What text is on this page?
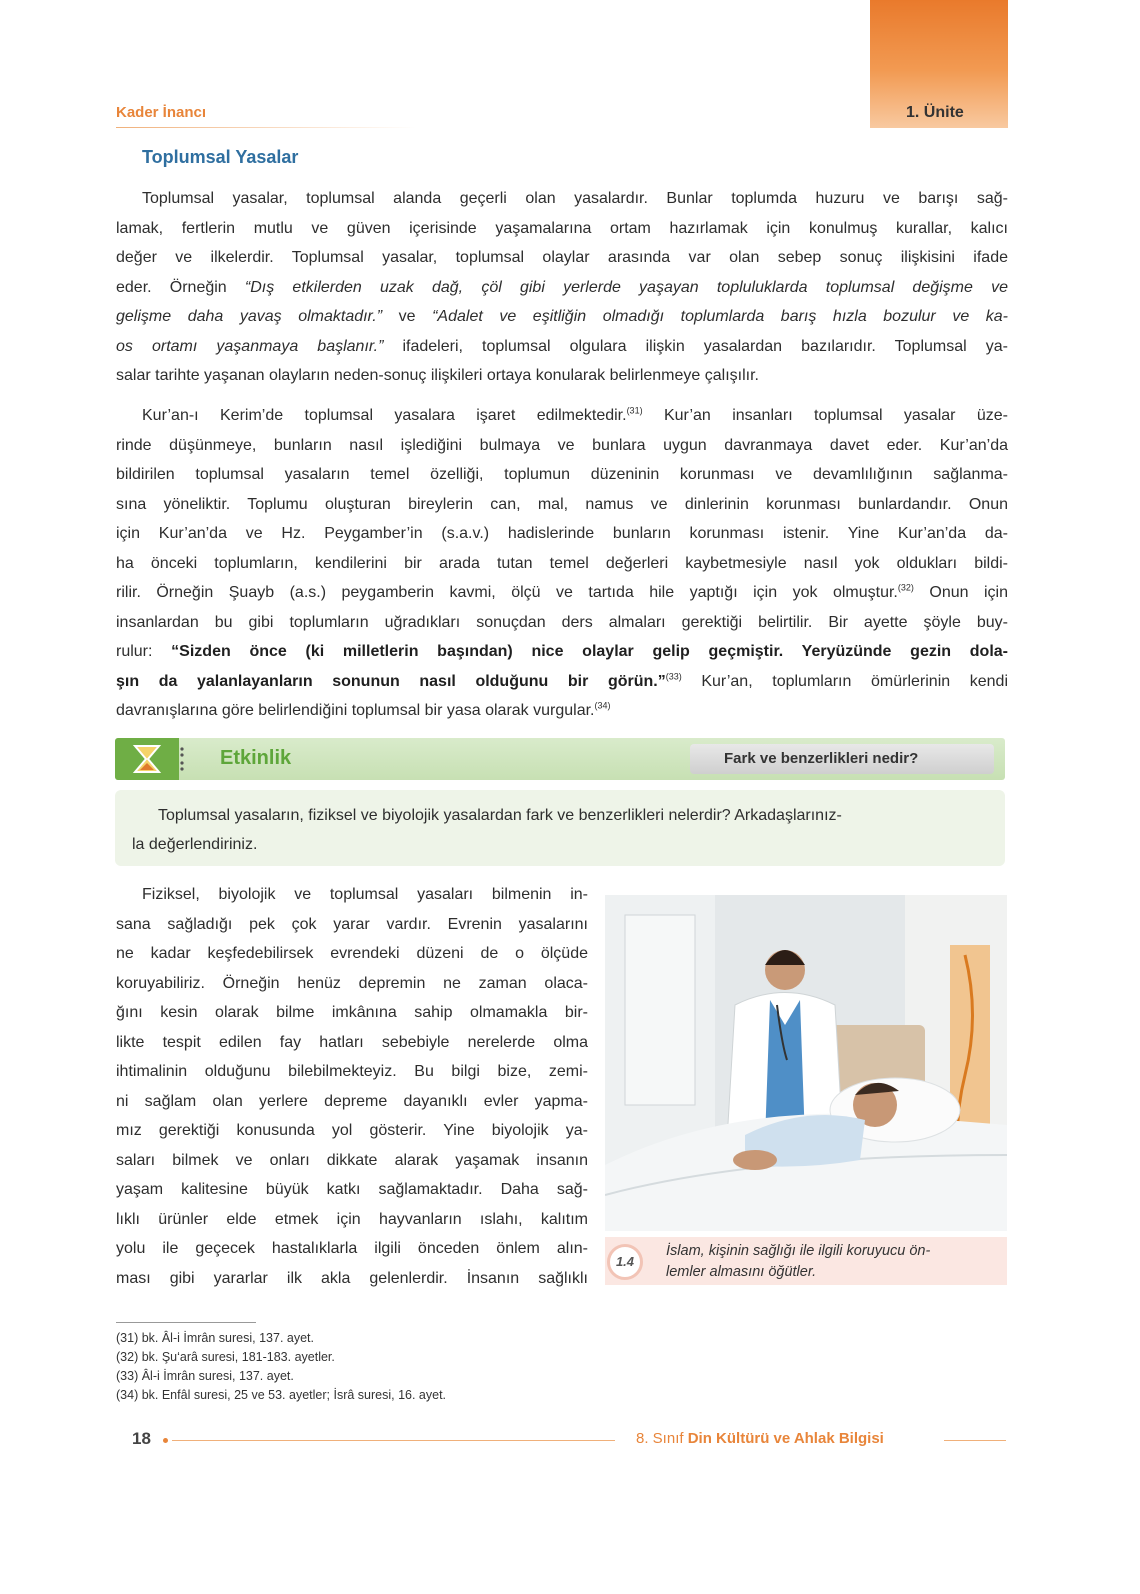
Kader İnancı	1. Ünite
Toplumsal Yasalar
Toplumsal yasalar, toplumsal alanda geçerli olan yasalardır. Bunlar toplumda huzuru ve barışı sağ-
lamak, fertlerin mutlu ve güven içerisinde yaşamalarına ortam hazırlamak için konulmuş kurallar, kalıcı
değer ve ilkelerdir. Toplumsal yasalar, toplumsal olaylar arasında var olan sebep sonuç ilişkisini ifade
eder. Örneğin “Dış etkilerden uzak dağ, çöl gibi yerlerde yaşayan topluluklarda toplumsal değişme ve
gelişme daha yavaş olmaktadır.” ve “Adalet ve eşitliğin olmadığı toplumlarda barış hızla bozulur ve ka-
os ortamı yaşanmaya başlanır.” ifadeleri, toplumsal olgulara ilişkin yasalardan bazılarıdır. Toplumsal ya-
salar tarihte yaşanan olayların neden-sonuç ilişkileri ortaya konularak belirlenmeye çalışılır.
Kur’an-ı Kerim’de toplumsal yasalara işaret edilmektedir.$^{(31)}$ Kur’an insanları toplumsal yasalar üze-
rinde düşünmeye, bunların nasıl işlediğini bulmaya ve bunlara uygun davranmaya davet eder. Kur’an’da
bildirilen toplumsal yasaların temel özelliği, toplumun düzeninin korunması ve devamlılığının sağlanma-
sına yöneliktir. Toplumu oluşturan bireylerin can, mal, namus ve dinlerinin korunması bunlardandır. Onun
için Kur’an’da ve Hz. Peygamber’in (s.a.v.) hadislerinde bunların korunması istenir. Yine Kur’an’da da-
ha önceki toplumların, kendilerini bir arada tutan temel değerleri kaybetmesiyle nasıl yok oldukları bildi-
rilir. Örneğin Şuayb (a.s.) peygamberin kavmi, ölçü ve tartıda hile yaptığı için yok olmuştur.$^{(32)}$ Onun için
insanlardan bu gibi toplumların uğradıkları sonuçdan ders almaları gerektiği belirtilir. Bir ayette şöyle buy-
rulur: “Sizden önce (ki milletlerin başından) nice olaylar gelip geçmiştir. Yeryüzünde gezin dola-
şın da yalanlayanların sonunun nasıl olduğunu bir görün.”$^{(33)}$ Kur’an, toplumların ömürlerinin kendi
davranışlarına göre belirlendiğini toplumsal bir yasa olarak vurgular.$^{(34)}$
Etkinlik	Fark ve benzerlikleri nedir?
Toplumsal yasaların, fiziksel ve biyolojik yasalardan fark ve benzerlikleri nelerdir? Arkadaşlarınız-
la değerlendiriniz.
Fiziksel, biyolojik ve toplumsal yasaları bilmenin in-
sana sağladığı pek çok yarar vardır. Evrenin yasalarını
ne kadar keşfedebilirsek evrendeki düzeni de o ölçüde
koruyabiliriz. Örneğin henüz depremin ne zaman olaca-
ğını kesin olarak bilme imkânına sahip olmamakla bir-
likte tespit edilen fay hatları sebebiyle nerelerde olma
ihtimalinin olduğunu bilebilmekteyiz. Bu bilgi bize, zemi-
ni sağlam olan yerlere depreme dayanıklı evler yapma-
mız gerektiği konusunda yol gösterir. Yine biyolojik ya-
saları bilmek ve onları dikkate alarak yaşamak insanın
yaşam kalitesine büyük katkı sağlamaktadır. Daha sağ-
lıklı ürünler elde etmek için hayvanların ıslahı, kalıtım
yolu ile geçecek hastalıklarla ilgili önceden önlem alın-
ması gibi yararlar ilk akla gelenlerdir. İnsanın sağlıklı
1.4
İslam, kişinin sağlığı ile ilgili koruyucu ön-
lemler almasını öğütler.
(31) bk. Âl-i İmrân suresi, 137. ayet.
(32) bk. Şu‘arâ suresi, 181-183. ayetler.
(33) Âl-i İmrân suresi, 137. ayet.
(34) bk. Enfâl suresi, 25 ve 53. ayetler; İsrâ suresi, 16. ayet.
18	8. Sınıf Din Kültürü ve Ahlak Bilgisi
